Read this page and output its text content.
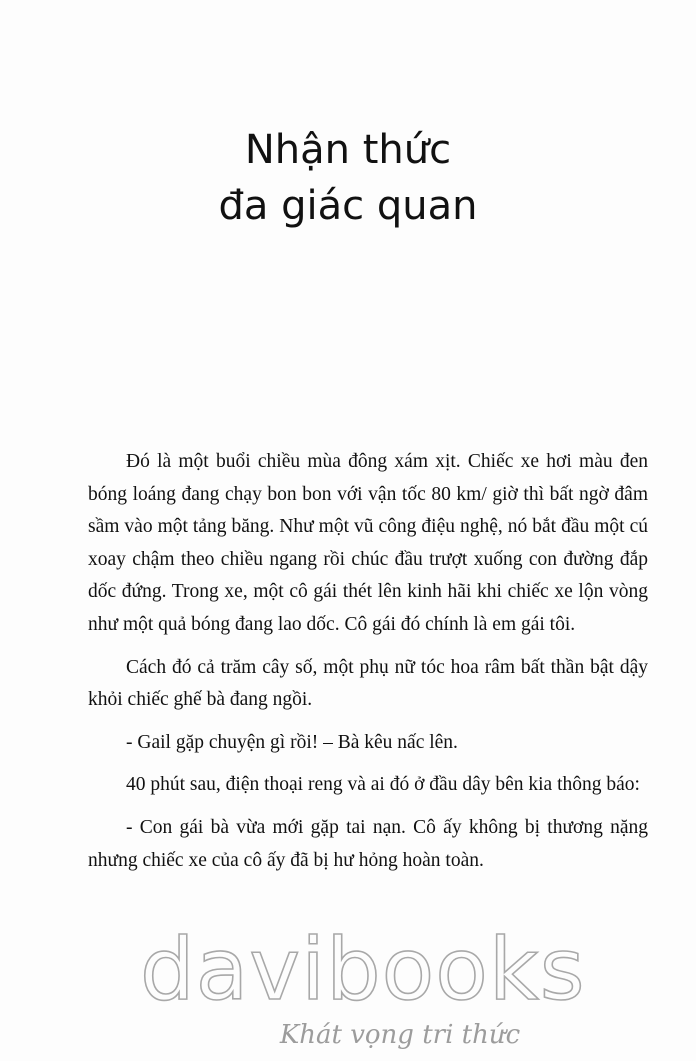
Nhận thức
đa giác quan

Đó là một buổi chiều mùa đông xám xịt. Chiếc xe hơi màu đen bóng loáng đang chạy bon bon với vận tốc 80 km/ giờ thì bất ngờ đâm sầm vào một tảng băng. Như một vũ công điệu nghệ, nó bắt đầu một cú xoay chậm theo chiều ngang rồi chúc đầu trượt xuống con đường đắp dốc đứng. Trong xe, một cô gái thét lên kinh hãi khi chiếc xe lộn vòng như một quả bóng đang lao dốc. Cô gái đó chính là em gái tôi.

Cách đó cả trăm cây số, một phụ nữ tóc hoa râm bất thần bật dậy khỏi chiếc ghế bà đang ngồi.

- Gail gặp chuyện gì rồi! – Bà kêu nấc lên.

40 phút sau, điện thoại reng và ai đó ở đầu dây bên kia thông báo:

- Con gái bà vừa mới gặp tai nạn. Cô ấy không bị thương nặng nhưng chiếc xe của cô ấy đã bị hư hỏng hoàn toàn.

davibooks
Khát vọng tri thức
